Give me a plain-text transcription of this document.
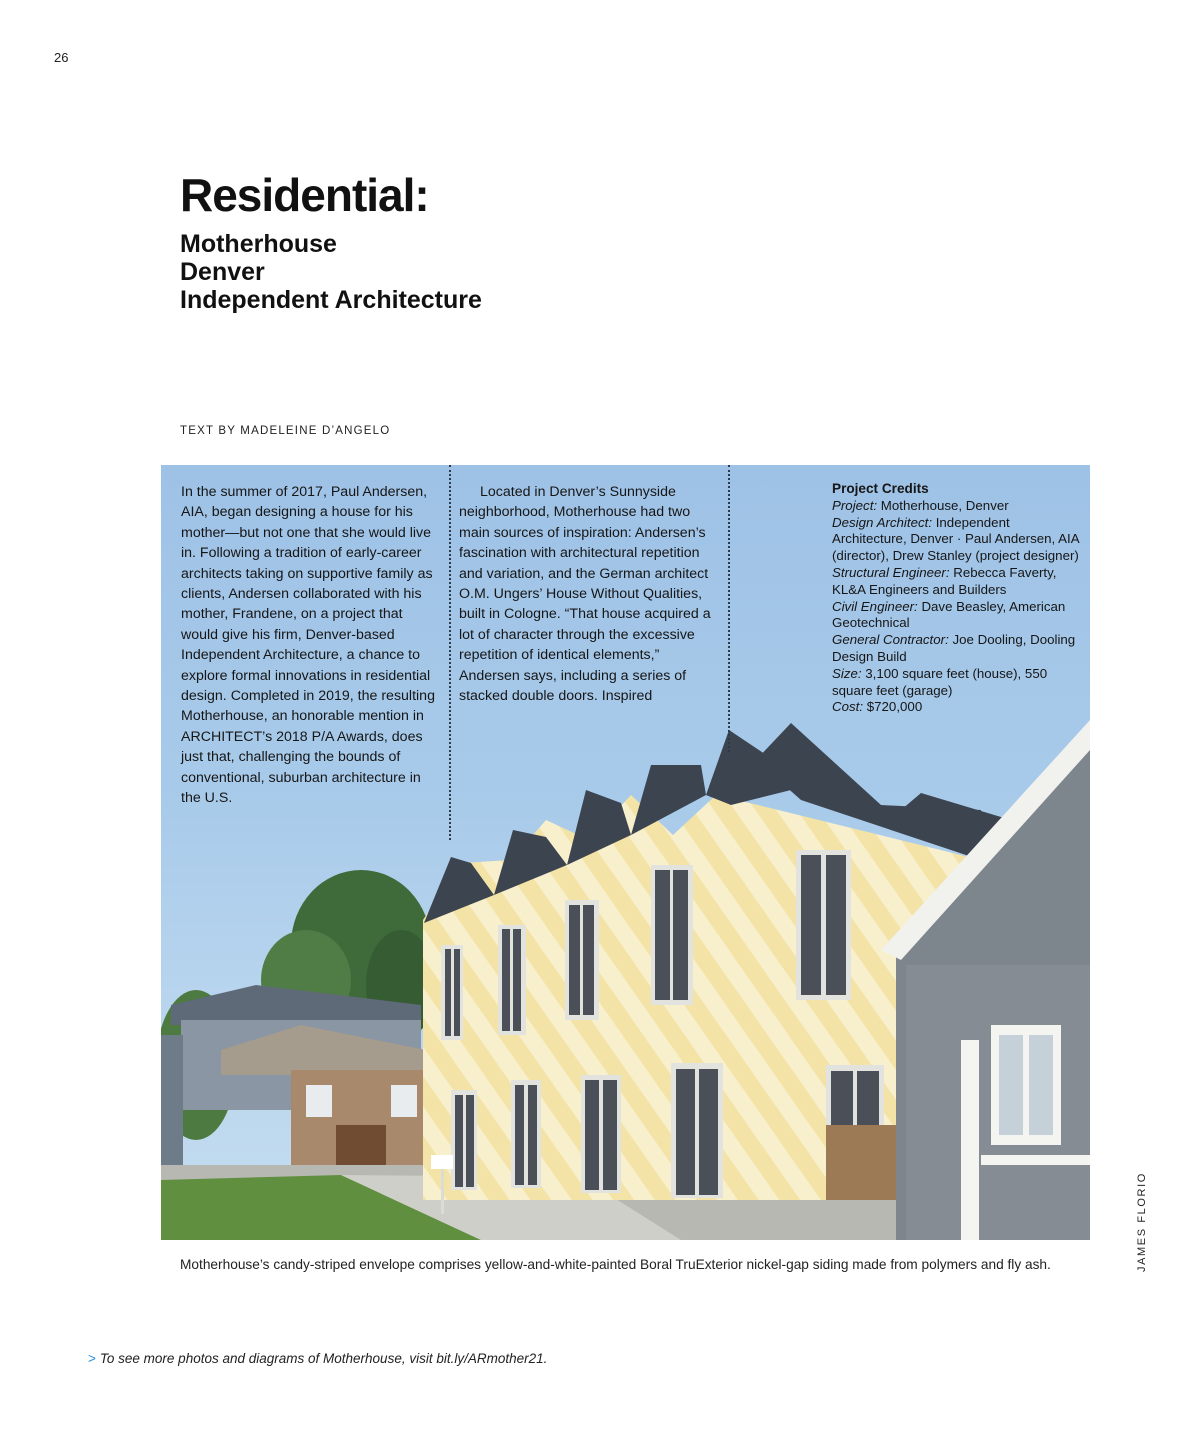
26
Residential:
Motherhouse
Denver
Independent Architecture
TEXT BY MADELEINE D’ANGELO
In the summer of 2017, Paul Andersen, AIA, began designing a house for his mother—but not one that she would live in. Following a tradition of early-career architects taking on supportive family as clients, Andersen collaborated with his mother, Frandene, on a project that would give his firm, Denver-based Independent Architecture, a chance to explore formal innovations in residential design. Completed in 2019, the resulting Motherhouse, an honorable mention in ARCHITECT’s 2018 P/A Awards, does just that, challenging the bounds of conventional, suburban architecture in the U.S.
Located in Denver’s Sunnyside neighborhood, Motherhouse had two main sources of inspiration: Andersen’s fascination with architectural repetition and variation, and the German architect O.M. Ungers’ House Without Qualities, built in Cologne. “That house acquired a lot of character through the excessive repetition of identical elements,” Andersen says, including a series of stacked double doors. Inspired
Project Credits
Project: Motherhouse, Denver
Design Architect: Independent Architecture, Denver · Paul Andersen, AIA (director), Drew Stanley (project designer)
Structural Engineer: Rebecca Faverty, KL&A Engineers and Builders
Civil Engineer: Dave Beasley, American Geotechnical
General Contractor: Joe Dooling, Dooling Design Build
Size: 3,100 square feet (house), 550 square feet (garage)
Cost: $720,000
Motherhouse’s candy-striped envelope comprises yellow-and-white-painted Boral TruExterior nickel-gap siding made from polymers and fly ash.	JAMES FLORIO
> To see more photos and diagrams of Motherhouse, visit bit.ly/ARmother21.
